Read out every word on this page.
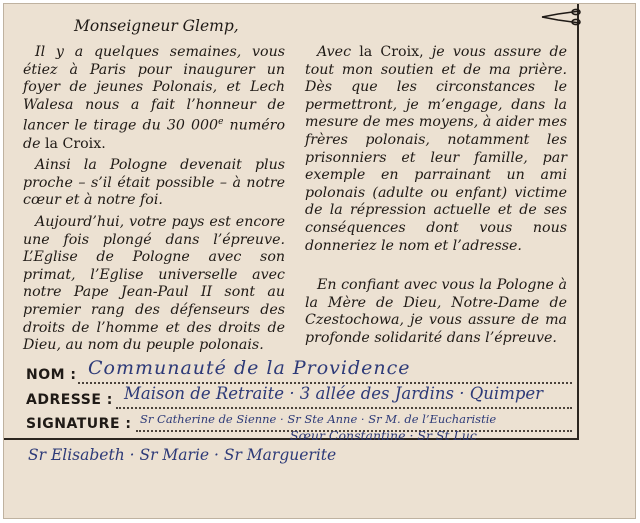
Monseigneur Glemp,

Il y a quelques semaines, vous étiez à Paris pour inaugurer un foyer de jeunes Polonais, et Lech Walesa nous a fait l’honneur de lancer le tirage du 30 000e numéro de la Croix.

Ainsi la Pologne devenait plus proche – s’il était possible – à notre cœur et à notre foi.

Aujourd’hui, votre pays est encore une fois plongé dans l’épreuve. L’Eglise de Pologne avec son primat, l’Eglise universelle avec notre Pape Jean-Paul II sont au premier rang des défenseurs des droits de l’homme et des droits de Dieu, au nom du peuple polonais.

Avec la Croix, je vous assure de tout mon soutien et de ma prière. Dès que les circonstances le permettront, je m’engage, dans la mesure de mes moyens, à aider mes frères polonais, notamment les prisonniers et leur famille, par exemple en parrainant un ami polonais (adulte ou enfant) victime de la répression actuelle et de ses conséquences dont vous nous donneriez le nom et l’adresse.

En confiant avec vous la Pologne à la Mère de Dieu, Notre-Dame de Czestochowa, je vous assure de ma profonde solidarité dans l’épreuve.

NOM : Communauté de la Providence
ADRESSE : Maison de Retraite · 3 allée des Jardins · Quimper
SIGNATURE : Sr Catherine de Sienne · Sr Ste Anne · Sr M. de l’Eucharistie
Sœur Constantine · Sr St Luc
Sr Elisabeth · Sr Marie · Sr Marguerite
